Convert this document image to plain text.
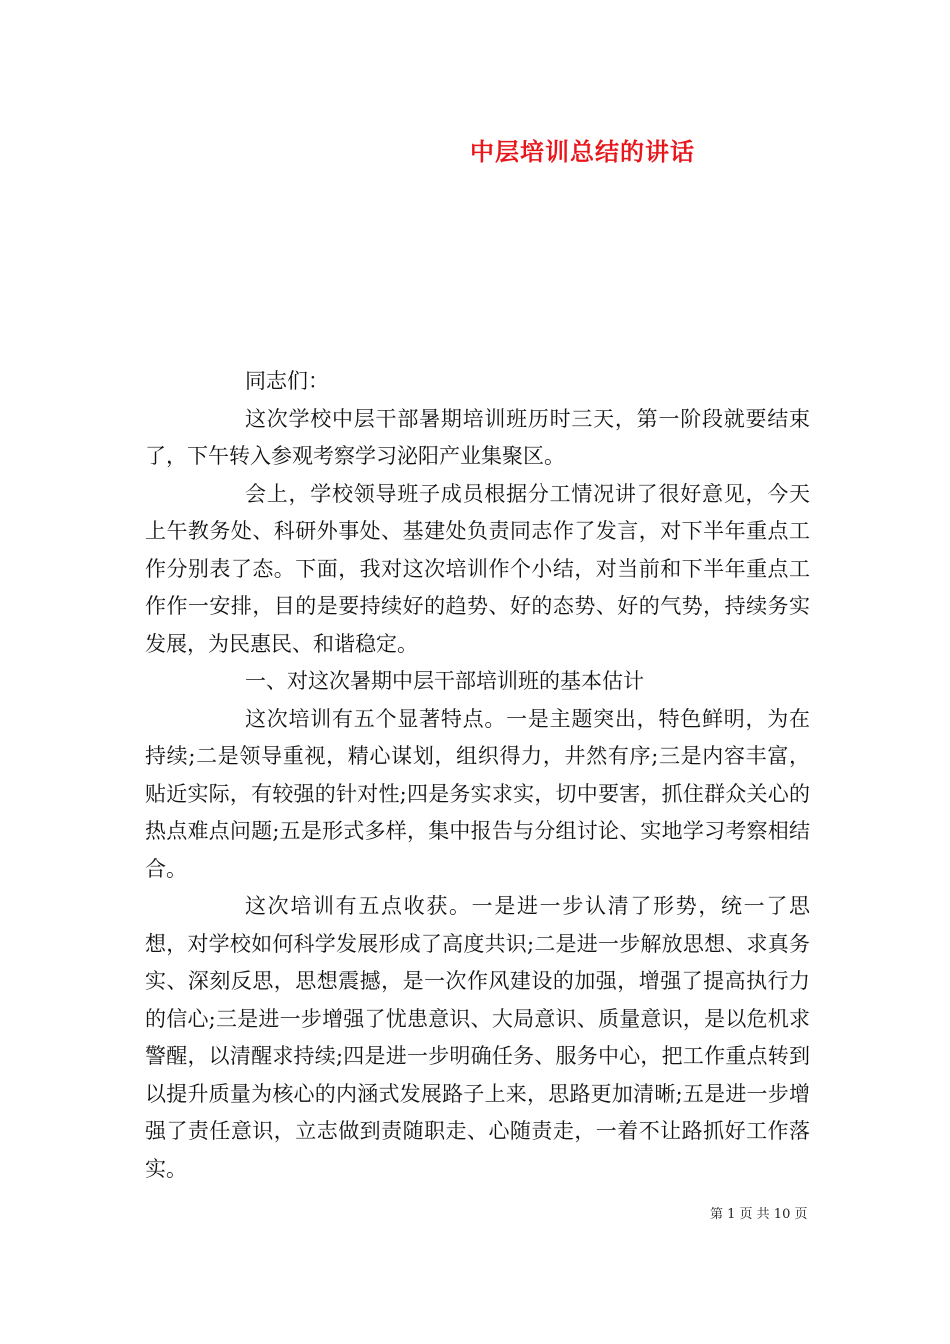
中层培训总结的讲话

同志们：

这次学校中层干部暑期培训班历时三天，第一阶段就要结束了，下午转入参观考察学习泌阳产业集聚区。

会上，学校领导班子成员根据分工情况讲了很好意见，今天上午教务处、科研外事处、基建处负责同志作了发言，对下半年重点工作分别表了态。下面，我对这次培训作个小结，对当前和下半年重点工作作一安排，目的是要持续好的趋势、好的态势、好的气势，持续务实发展，为民惠民、和谐稳定。

一、对这次暑期中层干部培训班的基本估计

这次培训有五个显著特点。一是主题突出，特色鲜明，为在持续;二是领导重视，精心谋划，组织得力，井然有序;三是内容丰富，贴近实际，有较强的针对性;四是务实求实，切中要害，抓住群众关心的热点难点问题;五是形式多样，集中报告与分组讨论、实地学习考察相结合。

这次培训有五点收获。一是进一步认清了形势，统一了思想，对学校如何科学发展形成了高度共识;二是进一步解放思想、求真务实、深刻反思，思想震撼，是一次作风建设的加强，增强了提高执行力的信心;三是进一步增强了忧患意识、大局意识、质量意识，是以危机求警醒，以清醒求持续;四是进一步明确任务、服务中心，把工作重点转到以提升质量为核心的内涵式发展路子上来，思路更加清晰;五是进一步增强了责任意识，立志做到责随职走、心随责走，一着不让路抓好工作落实。

第 1 页 共 10 页
